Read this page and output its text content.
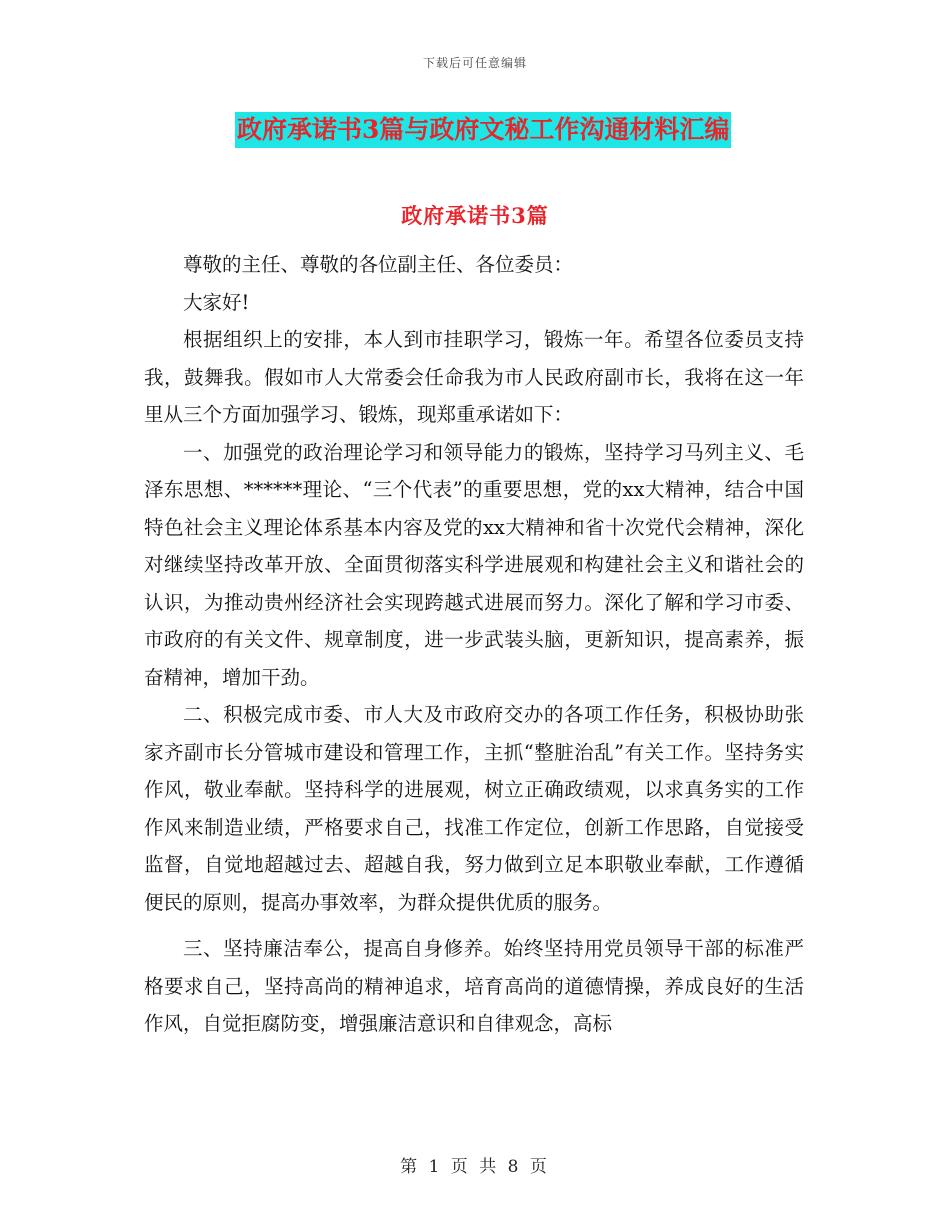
下载后可任意编辑
政府承诺书3篇与政府文秘工作沟通材料汇编
政府承诺书3篇

尊敬的主任、尊敬的各位副主任、各位委员：

大家好!

根据组织上的安排，本人到市挂职学习，锻炼一年。希望各位委员支持我，鼓舞我。假如市人大常委会任命我为市人民政府副市长，我将在这一年里从三个方面加强学习、锻炼，现郑重承诺如下：

一、加强党的政治理论学习和领导能力的锻炼，坚持学习马列主义、毛泽东思想、******理论、“三个代表”的重要思想，党的xx大精神，结合中国特色社会主义理论体系基本内容及党的xx大精神和省十次党代会精神，深化对继续坚持改革开放、全面贯彻落实科学进展观和构建社会主义和谐社会的认识，为推动贵州经济社会实现跨越式进展而努力。深化了解和学习市委、市政府的有关文件、规章制度，进一步武装头脑，更新知识，提高素养，振奋精神，增加干劲。

二、积极完成市委、市人大及市政府交办的各项工作任务，积极协助张家齐副市长分管城市建设和管理工作，主抓“整脏治乱”有关工作。坚持务实作风，敬业奉献。坚持科学的进展观，树立正确政绩观，以求真务实的工作作风来制造业绩，严格要求自己，找准工作定位，创新工作思路，自觉接受监督，自觉地超越过去、超越自我，努力做到立足本职敬业奉献，工作遵循便民的原则，提高办事效率，为群众提供优质的服务。

三、坚持廉洁奉公，提高自身修养。始终坚持用党员领导干部的标准严格要求自己，坚持高尚的精神追求，培育高尚的道德情操，养成良好的生活作风，自觉拒腐防变，增强廉洁意识和自律观念，高标

第 1 页 共 8 页
